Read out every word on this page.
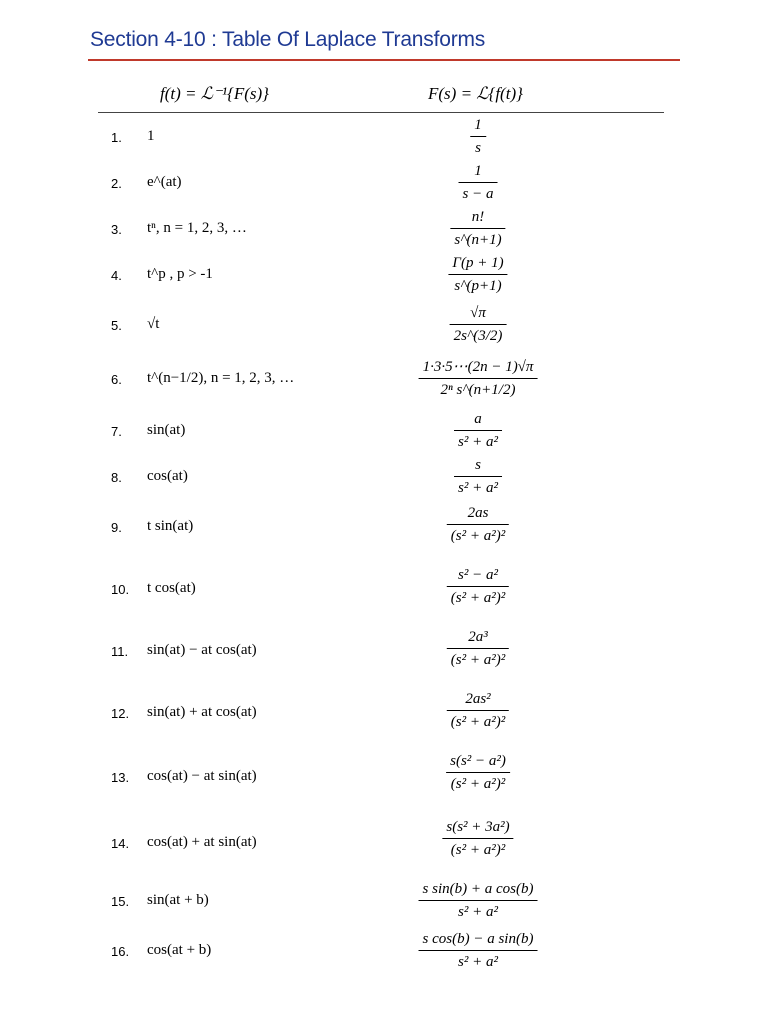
Section 4-10 : Table Of Laplace Transforms
f(t) = ℒ⁻¹{F(s)}	F(s) = ℒ{f(t)}
1. 1
1
s
2. e^(at)
1
s − a
3. tⁿ, n = 1, 2, 3, …
n!
s^(n+1)
4. t^p , p > -1
Γ(p + 1)
s^(p+1)
5. √t
√π
2s^(3/2)
6. t^(n−1/2), n = 1, 2, 3, …
1·3·5⋯(2n − 1)√π
2ⁿ s^(n+1/2)
7. sin(at)
a
s² + a²
8. cos(at)
s
s² + a²
9. t sin(at)
2as
(s² + a²)²
10. t cos(at)
s² − a²
(s² + a²)²
11. sin(at) − at cos(at)
2a³
(s² + a²)²
12. sin(at) + at cos(at)
2as²
(s² + a²)²
13. cos(at) − at sin(at)
s(s² − a²)
(s² + a²)²
14. cos(at) + at sin(at)
s(s² + 3a²)
(s² + a²)²
15. sin(at + b)
s sin(b) + a cos(b)
s² + a²
16. cos(at + b)
s cos(b) − a sin(b)
s² + a²
